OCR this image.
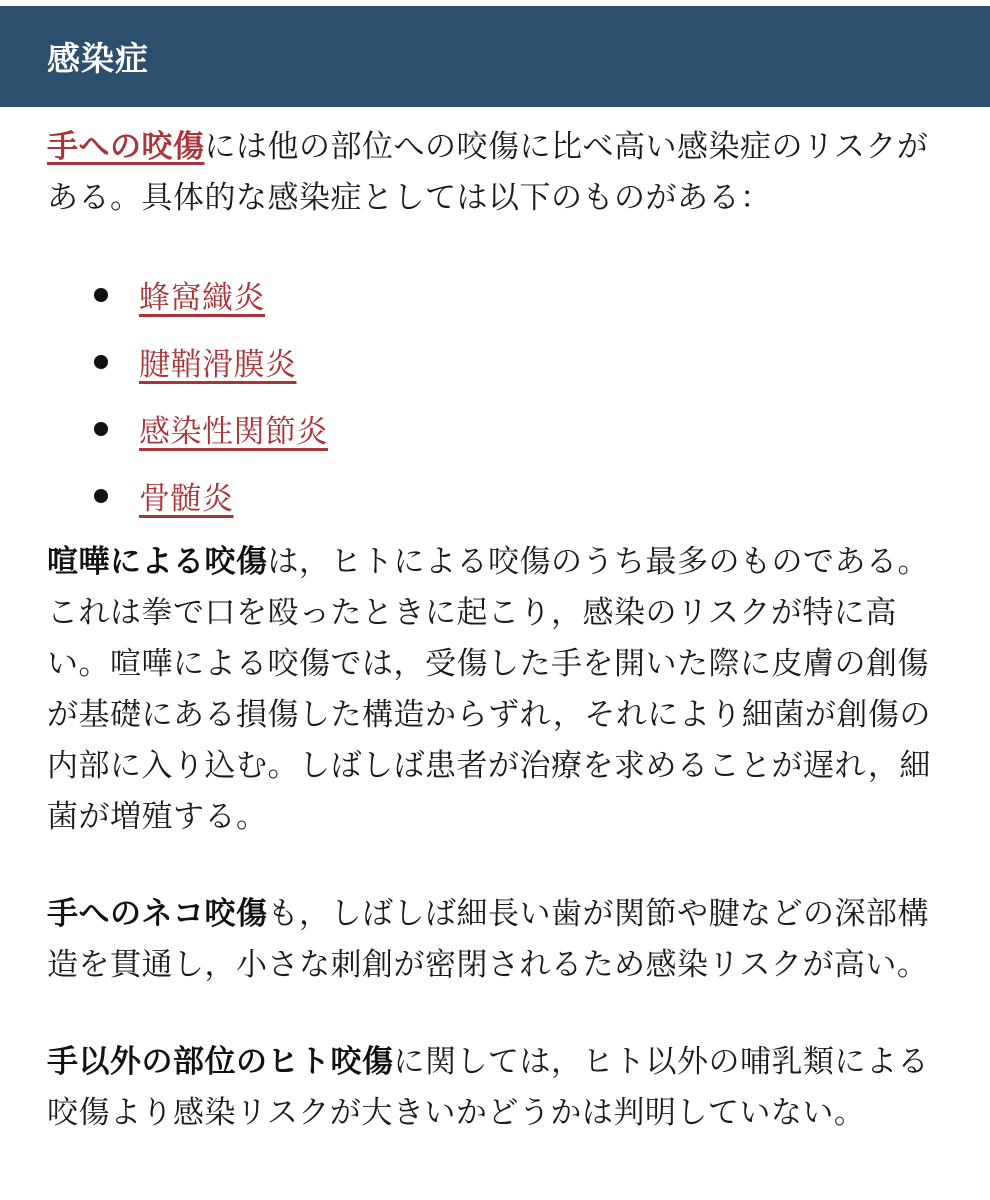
感染症

手への咬傷には他の部位への咬傷に比べ高い感染症のリスクがある。具体的な感染症としては以下のものがある：

蜂窩織炎
腱鞘滑膜炎
感染性関節炎
骨髄炎

喧嘩による咬傷は，ヒトによる咬傷のうち最多のものである。これは拳で口を殴ったときに起こり，感染のリスクが特に高い。喧嘩による咬傷では，受傷した手を開いた際に皮膚の創傷が基礎にある損傷した構造からずれ，それにより細菌が創傷の内部に入り込む。しばしば患者が治療を求めることが遅れ，細菌が増殖する。

手へのネコ咬傷も，しばしば細長い歯が関節や腱などの深部構造を貫通し，小さな刺創が密閉されるため感染リスクが高い。

手以外の部位のヒト咬傷に関しては，ヒト以外の哺乳類による咬傷より感染リスクが大きいかどうかは判明していない。
